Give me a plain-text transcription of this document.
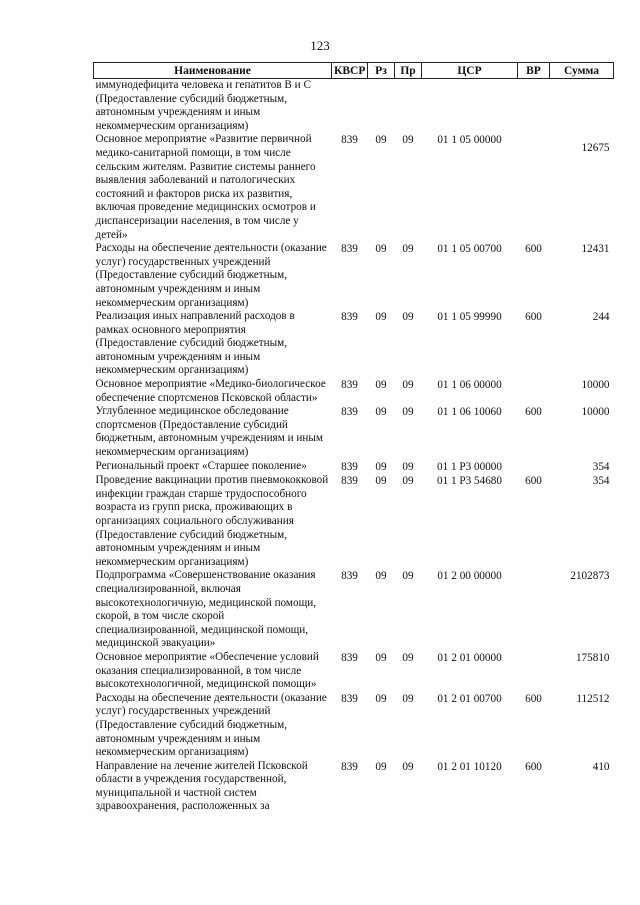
123
Наименование	КВСР	Рз	Пр	ЦСР	ВР	Сумма
иммунодефицита человека и гепатитов В и С (Предоставление субсидий бюджетным, автономным учреждениям и иным некоммерческим организациям)						
Основное мероприятие «Развитие первичной медико-санитарной помощи, в том числе сельским жителям. Развитие системы раннего выявления заболеваний и патологических состояний и факторов риска их развития, включая проведение медицинских осмотров и диспансеризации населения, в том числе у детей»	839	09	09	01 1 05 00000		12675
Расходы на обеспечение деятельности (оказание услуг) государственных учреждений (Предоставление субсидий бюджетным, автономным учреждениям и иным некоммерческим организациям)	839	09	09	01 1 05 00700	600	12431
Реализация иных направлений расходов в рамках основного мероприятия (Предоставление субсидий бюджетным, автономным учреждениям и иным некоммерческим организациям)	839	09	09	01 1 05 99990	600	244
Основное мероприятие «Медико-биологическое обеспечение спортсменов Псковской области»	839	09	09	01 1 06 00000		10000
Углубленное медицинское обследование спортсменов (Предоставление субсидий бюджетным, автономным учреждениям и иным некоммерческим организациям)	839	09	09	01 1 06 10060	600	10000
Региональный проект «Старшее поколение»	839	09	09	01 1 P3 00000		354
Проведение вакцинации против пневмококковой инфекции граждан старше трудоспособного возраста из групп риска, проживающих в организациях социального обслуживания (Предоставление субсидий бюджетным, автономным учреждениям и иным некоммерческим организациям)	839	09	09	01 1 P3 54680	600	354
Подпрограмма «Совершенствование оказания специализированной, включая высокотехнологичную, медицинской помощи, скорой, в том числе скорой специализированной, медицинской помощи, медицинской эвакуации»	839	09	09	01 2 00 00000		2102873
Основное мероприятие «Обеспечение условий оказания специализированной, в том числе высокотехнологичной, медицинской помощи»	839	09	09	01 2 01 00000		175810
Расходы на обеспечение деятельности (оказание услуг) государственных учреждений (Предоставление субсидий бюджетным, автономным учреждениям и иным некоммерческим организациям)	839	09	09	01 2 01 00700	600	112512
Направление на лечение жителей Псковской области в учреждения государственной, муниципальной и частной систем здравоохранения, расположенных за	839	09	09	01 2 01 10120	600	410
